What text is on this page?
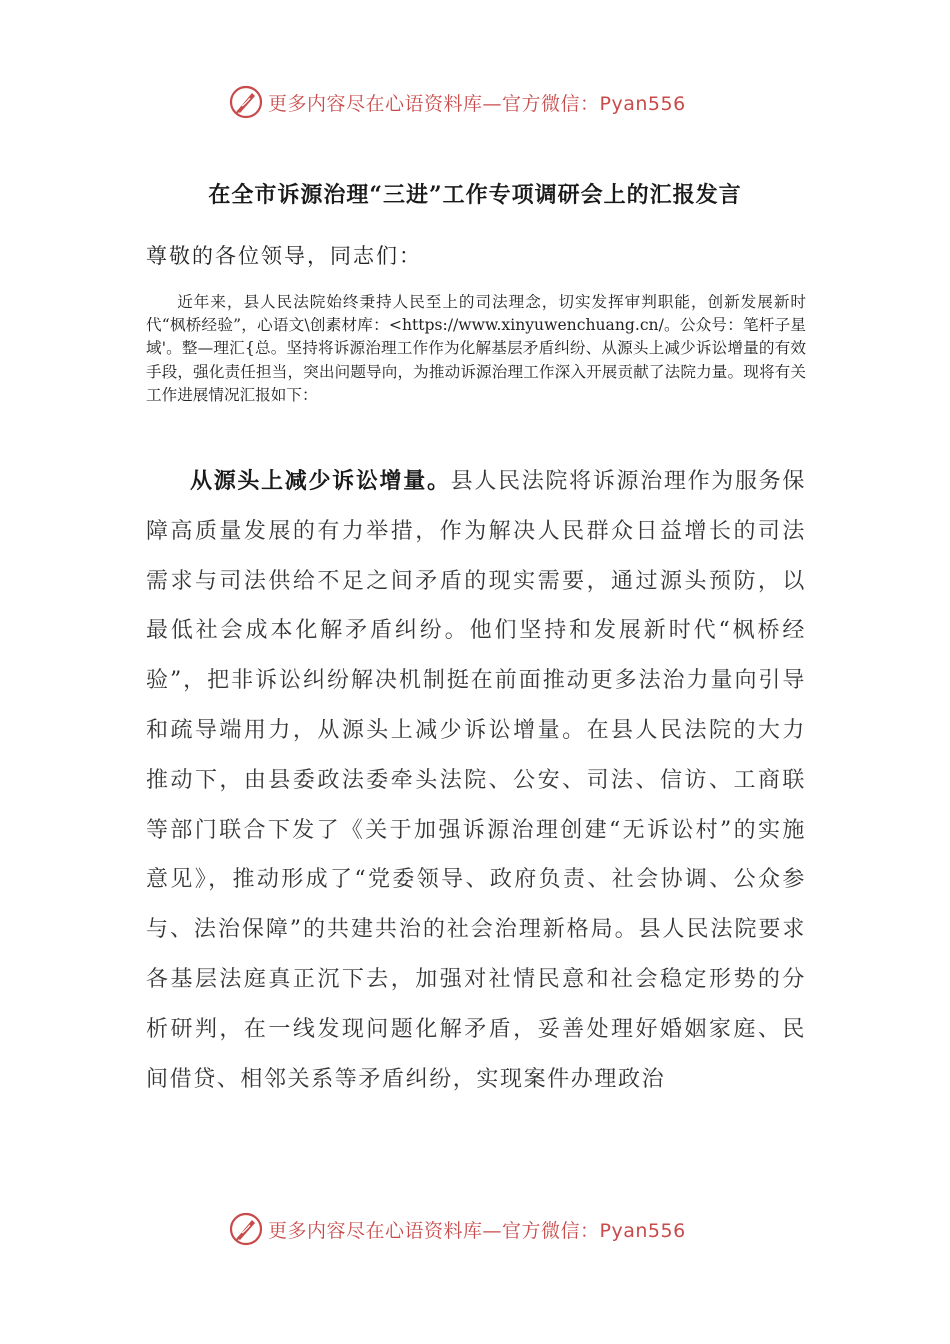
更多内容尽在心语资料库—官方微信：Pyan556
在全市诉源治理“三进”工作专项调研会上的汇报发言
尊敬的各位领导，同志们：

近年来，县人民法院始终秉持人民至上的司法理念，切实发挥审判职能，创新发展新时代“枫桥经验”，心语文\创素材库：<https://www.xinyuwenchuang.cn/。公众号：笔杆子星域'。整—理汇{总。坚持将诉源治理工作作为化解基层矛盾纠纷、从源头上减少诉讼增量的有效手段，强化责任担当，突出问题导向，为推动诉源治理工作深入开展贡献了法院力量。现将有关工作进展情况汇报如下：

从源头上减少诉讼增量。县人民法院将诉源治理作为服务保障高质量发展的有力举措，作为解决人民群众日益增长的司法需求与司法供给不足之间矛盾的现实需要，通过源头预防，以最低社会成本化解矛盾纠纷。他们坚持和发展新时代“枫桥经验”，把非诉讼纠纷解决机制挺在前面推动更多法治力量向引导和疏导端用力，从源头上减少诉讼增量。在县人民法院的大力推动下，由县委政法委牵头法院、公安、司法、信访、工商联等部门联合下发了《关于加强诉源治理创建“无诉讼村”的实施意见》，推动形成了“党委领导、政府负责、社会协调、公众参与、法治保障”的共建共治的社会治理新格局。县人民法院要求各基层法庭真正沉下去，加强对社情民意和社会稳定形势的分析研判，在一线发现问题化解矛盾，妥善处理好婚姻家庭、民间借贷、相邻关系等矛盾纠纷，实现案件办理政治

更多内容尽在心语资料库—官方微信：Pyan556
